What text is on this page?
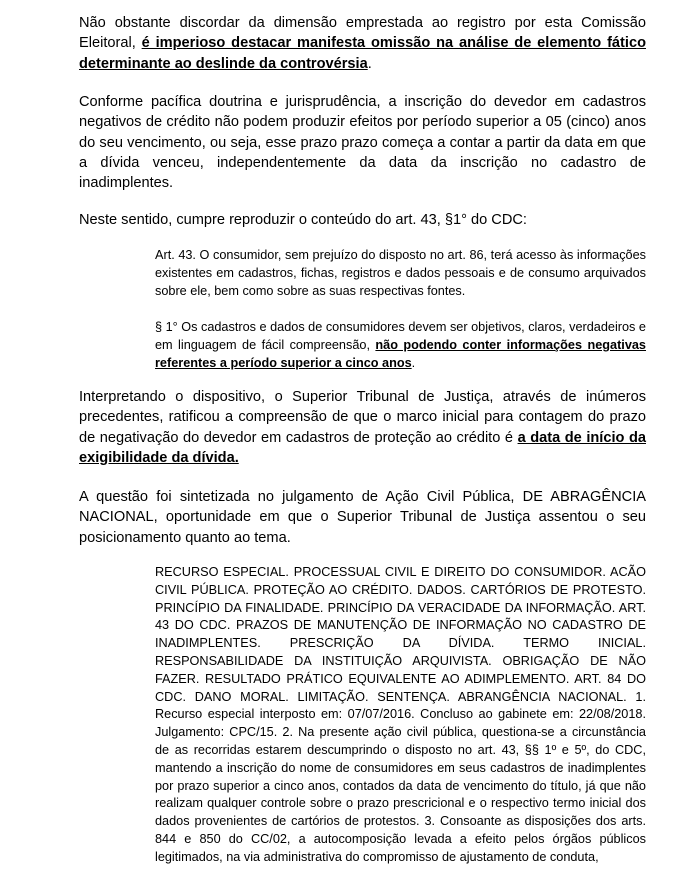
Não obstante discordar da dimensão emprestada ao registro por esta Comissão Eleitoral, é imperioso destacar manifesta omissão na análise de elemento fático determinante ao deslinde da controvérsia.

Conforme pacífica doutrina e jurisprudência, a inscrição do devedor em cadastros negativos de crédito não podem produzir efeitos por período superior a 05 (cinco) anos do seu vencimento, ou seja, esse prazo prazo começa a contar a partir da data em que a dívida venceu, independentemente da data da inscrição no cadastro de inadimplentes.

Neste sentido, cumpre reproduzir o conteúdo do art. 43, §1° do CDC:

Art. 43. O consumidor, sem prejuízo do disposto no art. 86, terá acesso às informações existentes em cadastros, fichas, registros e dados pessoais e de consumo arquivados sobre ele, bem como sobre as suas respectivas fontes.

§ 1° Os cadastros e dados de consumidores devem ser objetivos, claros, verdadeiros e em linguagem de fácil compreensão, não podendo conter informações negativas referentes a período superior a cinco anos.

Interpretando o dispositivo, o Superior Tribunal de Justiça, através de inúmeros precedentes, ratificou a compreensão de que o marco inicial para contagem do prazo de negativação do devedor em cadastros de proteção ao crédito é a data de início da exigibilidade da dívida.

A questão foi sintetizada no julgamento de Ação Civil Pública, DE ABRAGÊNCIA NACIONAL, oportunidade em que o Superior Tribunal de Justiça assentou o seu posicionamento quanto ao tema.

RECURSO ESPECIAL. PROCESSUAL CIVIL E DIREITO DO CONSUMIDOR. ACÃO CIVIL PÚBLICA. PROTEÇÃO AO CRÉDITO. DADOS. CARTÓRIOS DE PROTESTO. PRINCÍPIO DA FINALIDADE. PRINCÍPIO DA VERACIDADE DA INFORMAÇÃO. ART. 43 DO CDC. PRAZOS DE MANUTENÇÃO DE INFORMAÇÃO NO CADASTRO DE INADIMPLENTES. PRESCRIÇÃO DA DÍVIDA. TERMO INICIAL. RESPONSABILIDADE DA INSTITUIÇÃO ARQUIVISTA. OBRIGAÇÃO DE NÃO FAZER. RESULTADO PRÁTICO EQUIVALENTE AO ADIMPLEMENTO. ART. 84 DO CDC. DANO MORAL. LIMITAÇÃO. SENTENÇA. ABRANGÊNCIA NACIONAL. 1. Recurso especial interposto em: 07/07/2016. Concluso ao gabinete em: 22/08/2018. Julgamento: CPC/15. 2. Na presente ação civil pública, questiona-se a circunstância de as recorridas estarem descumprindo o disposto no art. 43, §§ 1º e 5º, do CDC, mantendo a inscrição do nome de consumidores em seus cadastros de inadimplentes por prazo superior a cinco anos, contados da data de vencimento do título, já que não realizam qualquer controle sobre o prazo prescricional e o respectivo termo inicial dos dados provenientes de cartórios de protestos. 3. Consoante as disposições dos arts. 844 e 850 do CC/02, a autocomposição levada a efeito pelos órgãos públicos legitimados, na via administrativa do compromisso de ajustamento de conduta,
